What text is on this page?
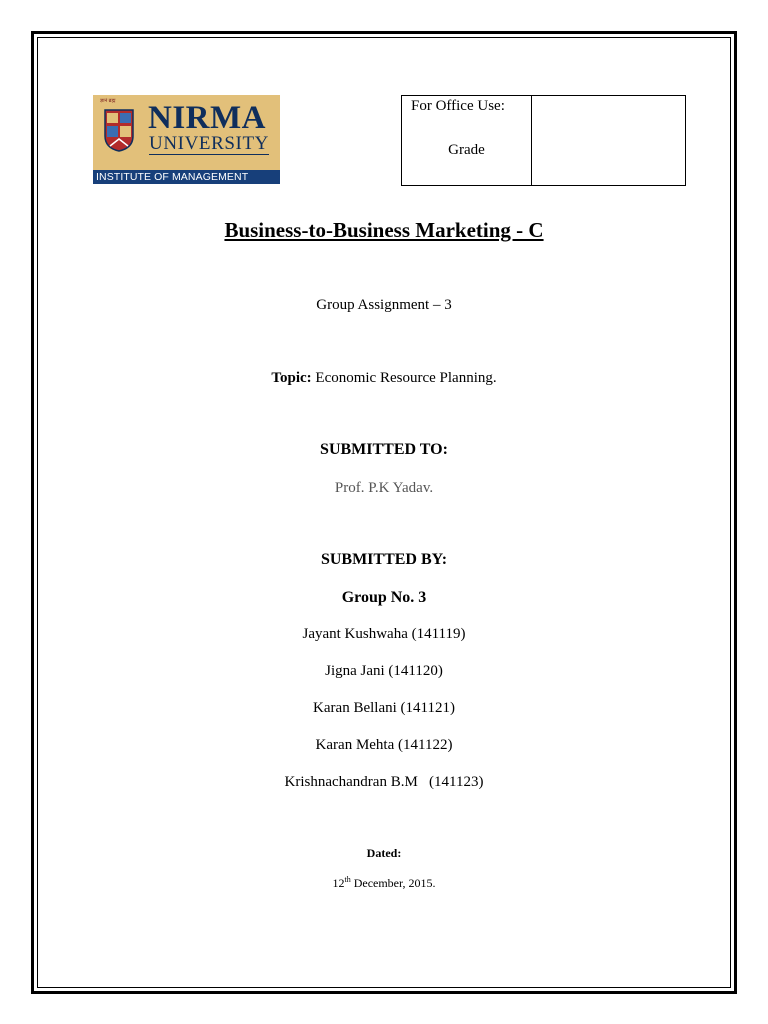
ज्ञानं ब्रह्म NIRMA
UNIVERSITY
INSTITUTE OF MANAGEMENT
For Office Use:
Grade
Business-to-Business Marketing - C
Group Assignment – 3
Topic: Economic Resource Planning.
SUBMITTED TO:
Prof. P.K Yadav.
SUBMITTED BY:
Group No. 3
Jayant Kushwaha (141119)
Jigna Jani (141120)
Karan Bellani (141121)
Karan Mehta (141122)
Krishnachandran B.M   (141123)
Dated:
12th December, 2015.
